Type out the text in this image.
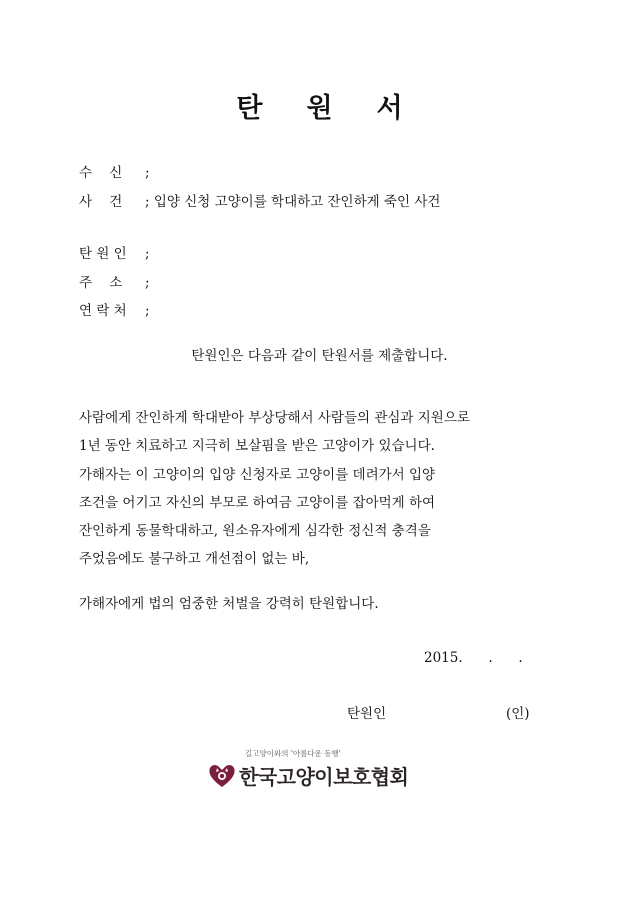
탄 원 서
수    신 ;
사    건 ; 입양 신청 고양이를 학대하고 잔인하게 죽인 사건
탄 원 인 ;
주    소 ;
연 락 처 ;
탄원인은 다음과 같이 탄원서를 제출합니다.
사람에게 잔인하게 학대받아 부상당해서 사람들의 관심과 지원으로
1년 동안 치료하고 지극히 보살핌을 받은 고양이가 있습니다.
가해자는 이 고양이의 입양 신청자로 고양이를 데려가서 입양
조건을 어기고 자신의 부모로 하여금 고양이를 잡아먹게 하여
잔인하게 동물학대하고, 원소유자에게 심각한 정신적 충격을
주었음에도 불구하고 개선점이 없는 바,
가해자에게 법의 엄중한 처벌을 강력히 탄원합니다.
2015.      .      .
탄원인	(인)
길고양이와의 '아름다운 동행'
한국고양이보호협회
